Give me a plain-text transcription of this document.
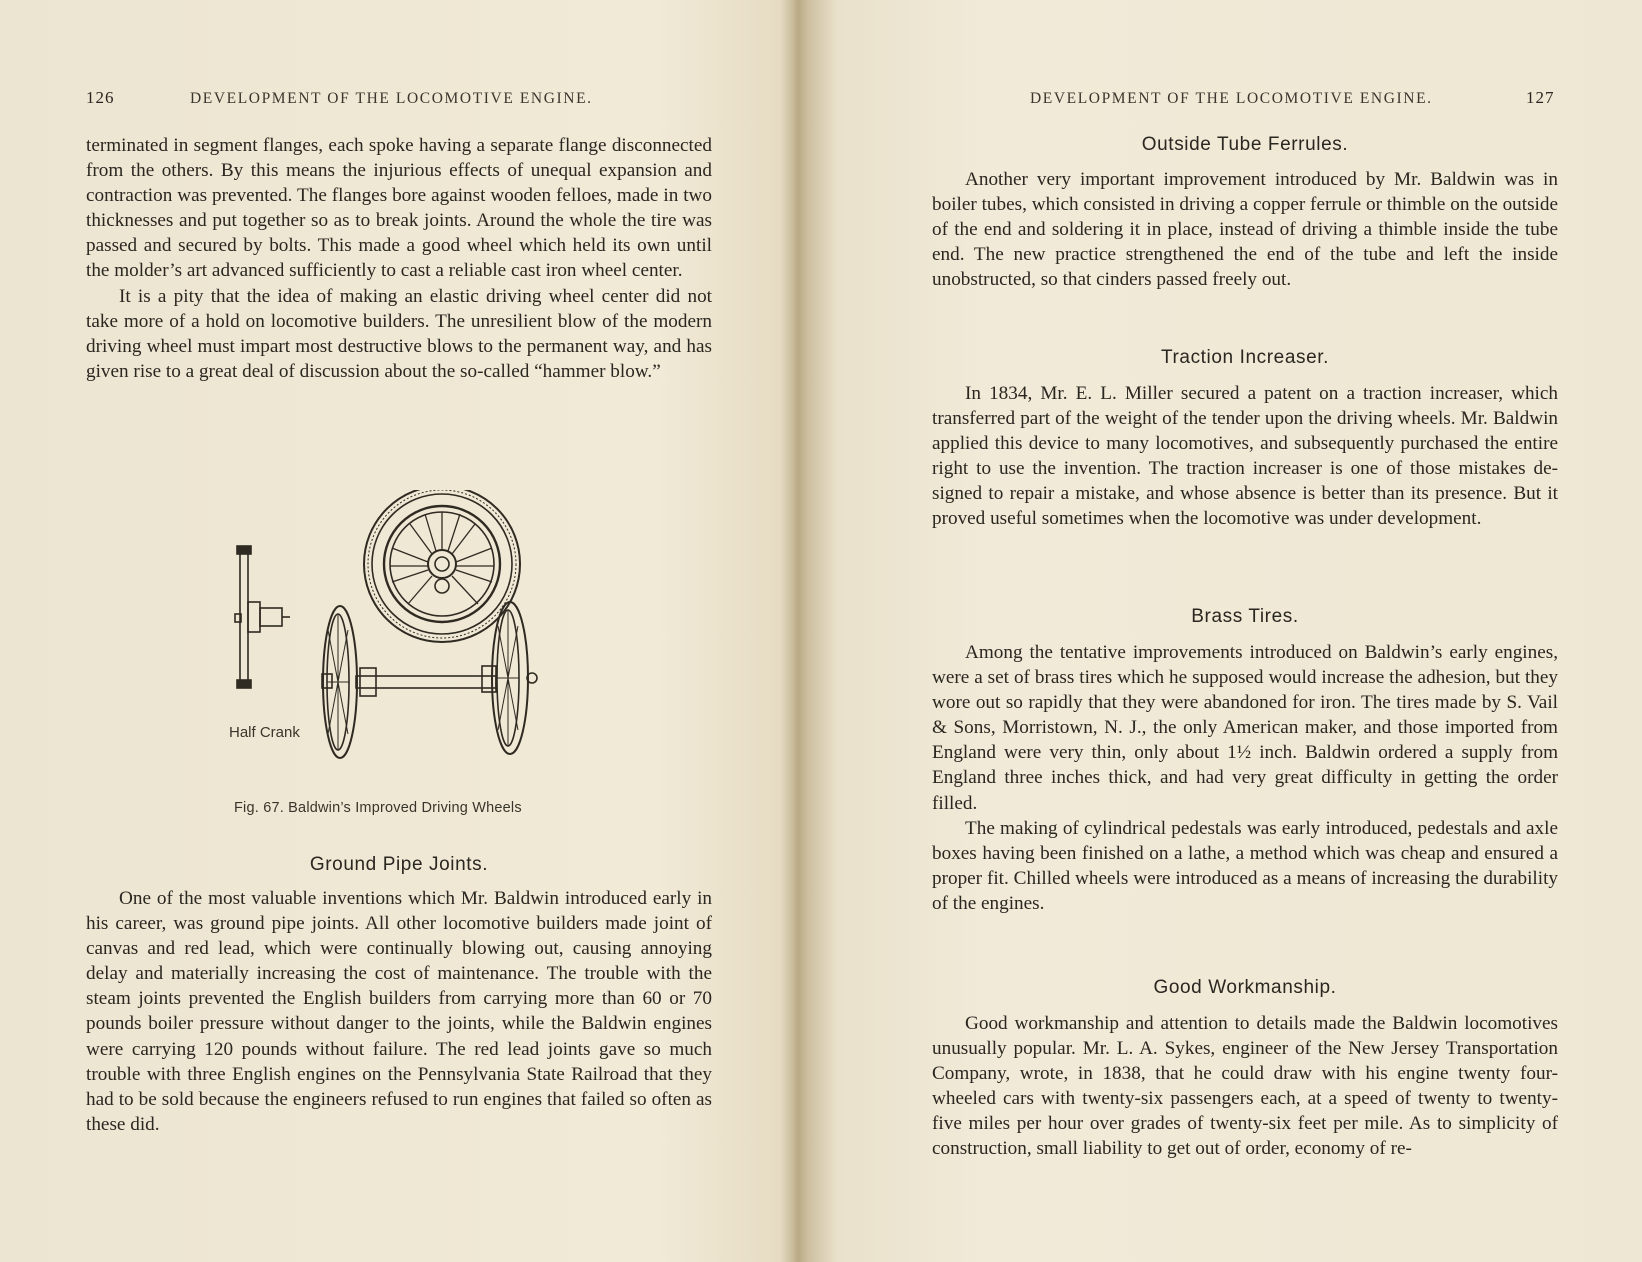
126	DEVELOPMENT OF THE LOCOMOTIVE ENGINE.

terminated in segment flanges, each spoke having a separate flange disconnected from the others. By this means the injurious effects of unequal expansion and contraction was prevented. The flanges bore against wooden felloes, made in two thicknesses and put together so as to break joints. Around the whole the tire was passed and secured by bolts. This made a good wheel which held its own until the molder’s art advanced sufficiently to cast a reliable cast iron wheel center.

It is a pity that the idea of making an elastic driving wheel center did not take more of a hold on locomotive builders. The unresilient blow of the modern driving wheel must impart most destructive blows to the permanent way, and has given rise to a great deal of discussion about the so-called “hammer blow.”

Half Crank
Fig. 67. Baldwin’s Improved Driving Wheels
Ground Pipe Joints.

One of the most valuable inventions which Mr. Baldwin introduced early in his career, was ground pipe joints. All other locomotive builders made joint of canvas and red lead, which were continually blowing out, causing annoying delay and materially increasing the cost of maintenance. The trouble with the steam joints prevented the English builders from carrying more than 60 or 70 pounds boiler pressure without danger to the joints, while the Baldwin engines were carrying 120 pounds without failure. The red lead joints gave so much trouble with three English engines on the Pennsylvania State Railroad that they had to be sold because the engineers refused to run engines that failed so often as these did.

DEVELOPMENT OF THE LOCOMOTIVE ENGINE.	127
Outside Tube Ferrules.

Another very important improvement introduced by Mr. Baldwin was in boiler tubes, which consisted in driving a copper ferrule or thimble on the outside of the end and soldering it in place, instead of driving a thimble inside the tube end. The new practice strengthened the end of the tube and left the inside unobstructed, so that cinders passed freely out.

Traction Increaser.

In 1834, Mr. E. L. Miller secured a patent on a traction increaser, which transferred part of the weight of the tender upon the driving wheels. Mr. Baldwin applied this device to many locomotives, and subsequently purchased the entire right to use the invention. The traction increaser is one of those mistakes designed to repair a mistake, and whose absence is better than its presence. But it proved useful sometimes when the locomotive was under development.

Brass Tires.

Among the tentative improvements introduced on Baldwin’s early engines, were a set of brass tires which he supposed would increase the adhesion, but they wore out so rapidly that they were abandoned for iron. The tires made by S. Vail & Sons, Morristown, N. J., the only American maker, and those imported from England were very thin, only about 1½ inch. Baldwin ordered a supply from England three inches thick, and had very great difficulty in getting the order filled.

The making of cylindrical pedestals was early introduced, pedestals and axle boxes having been finished on a lathe, a method which was cheap and ensured a proper fit. Chilled wheels were introduced as a means of increasing the durability of the engines.

Good Workmanship.

Good workmanship and attention to details made the Baldwin locomotives unusually popular. Mr. L. A. Sykes, engineer of the New Jersey Transportation Company, wrote, in 1838, that he could draw with his engine twenty four-wheeled cars with twenty-six passengers each, at a speed of twenty to twenty-five miles per hour over grades of twenty-six feet per mile. As to simplicity of construction, small liability to get out of order, economy of re-
